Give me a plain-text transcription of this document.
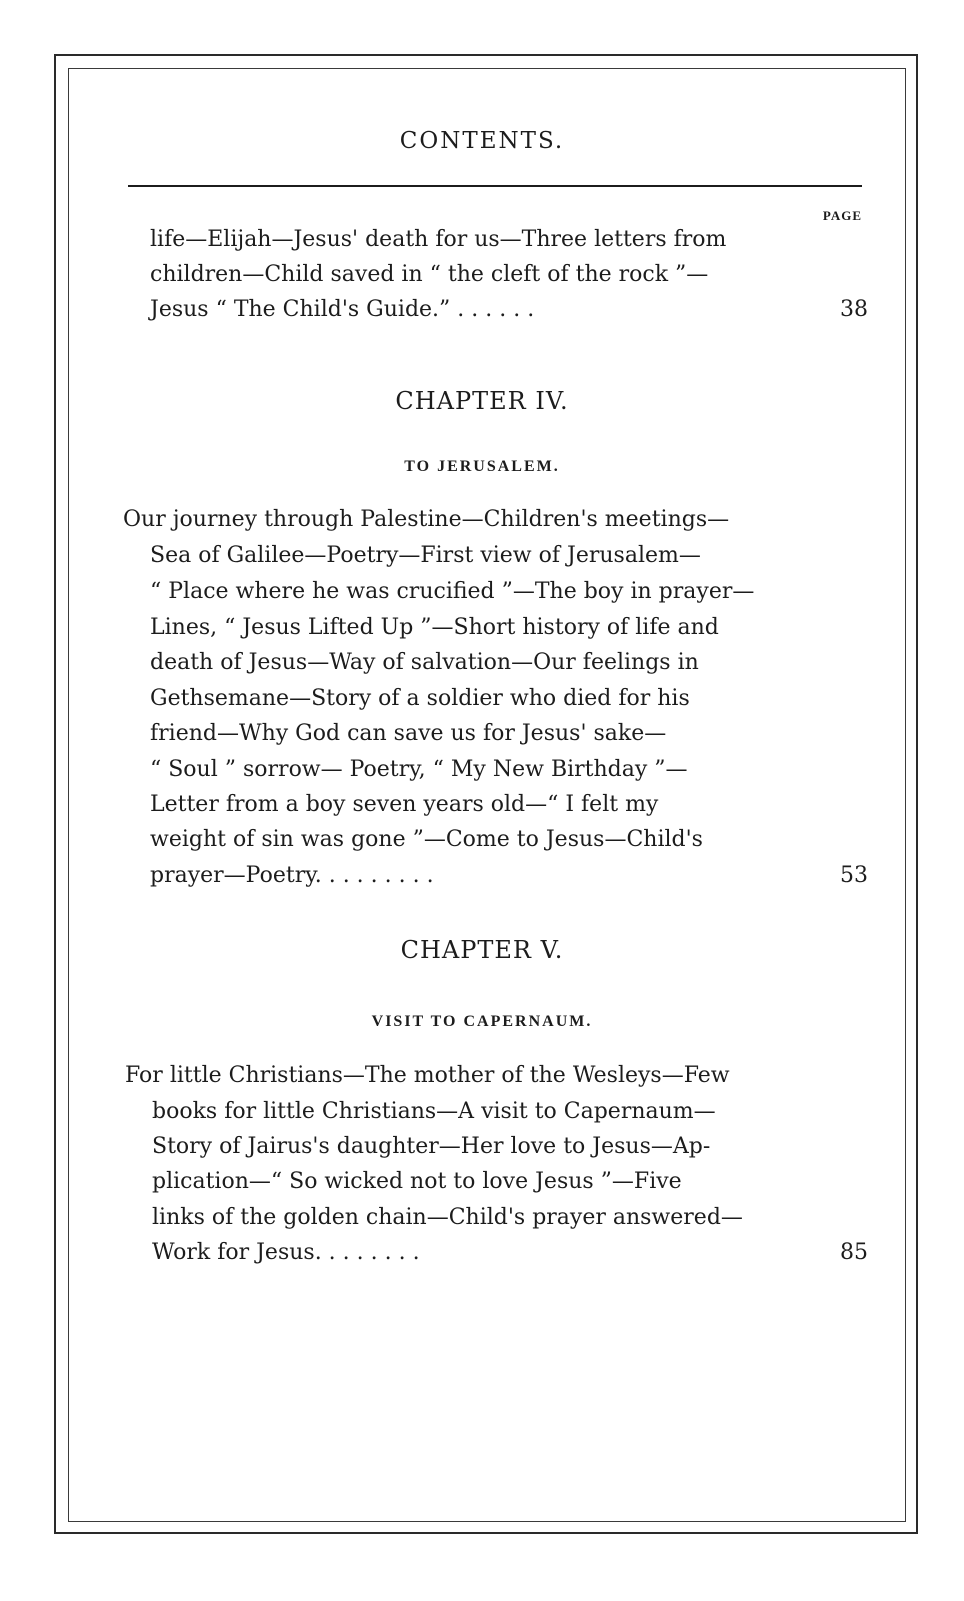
CONTENTS.
PAGE
life—Elijah—Jesus' death for us—Three letters from
children—Child saved in “ the cleft of the rock ”—
Jesus “ The Child's Guide.” . . . . . .	38
CHAPTER IV.
TO JERUSALEM.
Our journey through Palestine—Children's meetings—
Sea of Galilee—Poetry—First view of Jerusalem—
“ Place where he was crucified ”—The boy in prayer—
Lines, “ Jesus Lifted Up ”—Short history of life and
death of Jesus—Way of salvation—Our feelings in
Gethsemane—Story of a soldier who died for his
friend—Why God can save us for Jesus' sake—
“ Soul ” sorrow— Poetry, “ My New Birthday ”—
Letter from a boy seven years old—“ I felt my
weight of sin was gone ”—Come to Jesus—Child's
prayer—Poetry. . . . . . . . .	53
CHAPTER V.
VISIT TO CAPERNAUM.
For little Christians—The mother of the Wesleys—Few
books for little Christians—A visit to Capernaum—
Story of Jairus's daughter—Her love to Jesus—Ap-
plication—“ So wicked not to love Jesus ”—Five
links of the golden chain—Child's prayer answered—
Work for Jesus. . . . . . . .	85
